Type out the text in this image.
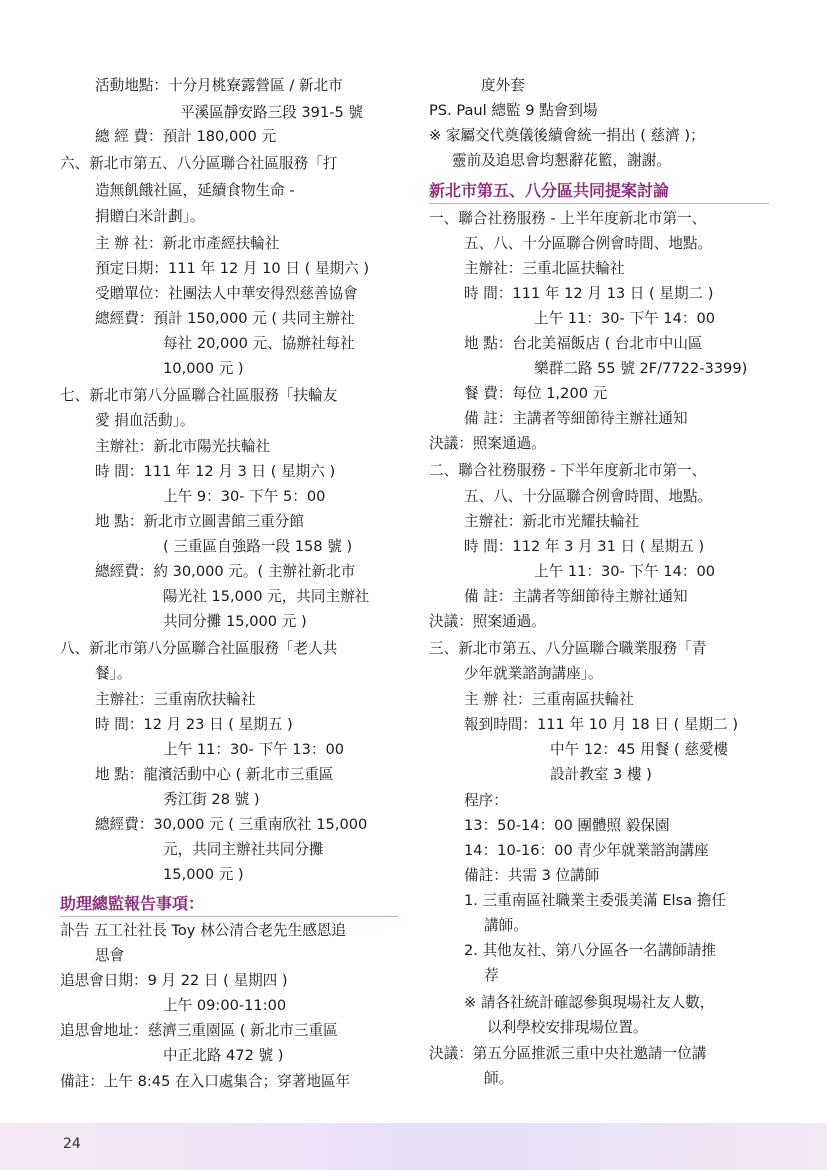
活動地點：十分月桃寮露營區 / 新北市
平溪區靜安路三段 391-5 號
總 經 費：預計 180,000 元
六、新北市第五、八分區聯合社區服務「打
造無飢餓社區，延續食物生命 -
捐贈白米計劃」。
主 辦 社：新北市產經扶輪社
預定日期：111 年 12 月 10 日 ( 星期六 )
受贈單位：社團法人中華安得烈慈善協會
總經費：預計 150,000 元 ( 共同主辦社
每社 20,000 元、協辦社每社
10,000 元 )
七、新北市第八分區聯合社區服務「扶輪友
愛 捐血活動」。
主辦社：新北市陽光扶輪社
時 間：111 年 12 月 3 日 ( 星期六 )
上午 9：30- 下午 5：00
地 點：新北市立圖書館三重分館
( 三重區自強路一段 158 號 )
總經費：約 30,000 元。( 主辦社新北市
陽光社 15,000 元，共同主辦社
共同分攤 15,000 元 )
八、新北市第八分區聯合社區服務「老人共
餐」。
主辦社：三重南欣扶輪社
時 間：12 月 23 日 ( 星期五 )
上午 11：30- 下午 13：00
地 點：龍濱活動中心 ( 新北市三重區
秀江街 28 號 )
總經費：30,000 元 ( 三重南欣社 15,000
元，共同主辦社共同分攤
15,000 元 )
助理總監報告事項：
訃告 五工社社長 Toy 林公清合老先生感恩追
思會
追思會日期：9 月 22 日 ( 星期四 )
上午 09:00-11:00
追思會地址：慈濟三重園區 ( 新北市三重區
中正北路 472 號 )
備註：上午 8:45 在入口處集合；穿著地區年
度外套
PS. Paul 總監 9 點會到場
※ 家屬交代奠儀後續會統一捐出 ( 慈濟 )；
靈前及追思會均懇辭花籃，謝謝。
新北市第五、八分區共同提案討論
一、聯合社務服務 - 上半年度新北市第一、
五、八、十分區聯合例會時間、地點。
主辦社：三重北區扶輪社
時 間：111 年 12 月 13 日 ( 星期二 )
上午 11：30- 下午 14：00
地 點：台北美福飯店 ( 台北市中山區
樂群二路 55 號 2F/7722-3399)
餐 費：每位 1,200 元
備 註：主講者等細節待主辦社通知
決議：照案通過。
二、聯合社務服務 - 下半年度新北市第一、
五、八、十分區聯合例會時間、地點。
主辦社：新北市光耀扶輪社
時 間：112 年 3 月 31 日 ( 星期五 )
上午 11：30- 下午 14：00
備 註：主講者等細節待主辦社通知
決議：照案通過。
三、新北市第五、八分區聯合職業服務「青
少年就業諮詢講座」。
主 辦 社：三重南區扶輪社
報到時間：111 年 10 月 18 日 ( 星期二 )
中午 12：45 用餐 ( 慈愛樓
設計教室 3 樓 )
程序：
13：50-14：00 團體照 毅保園
14：10-16：00 青少年就業諮詢講座
備註：共需 3 位講師
1. 三重南區社職業主委張美滿 Elsa 擔任
講師。
2. 其他友社、第八分區各一名講師請推
荐
※ 請各社統計確認參與現場社友人數，
以利學校安排現場位置。
決議：第五分區推派三重中央社邀請一位講
師。
24
